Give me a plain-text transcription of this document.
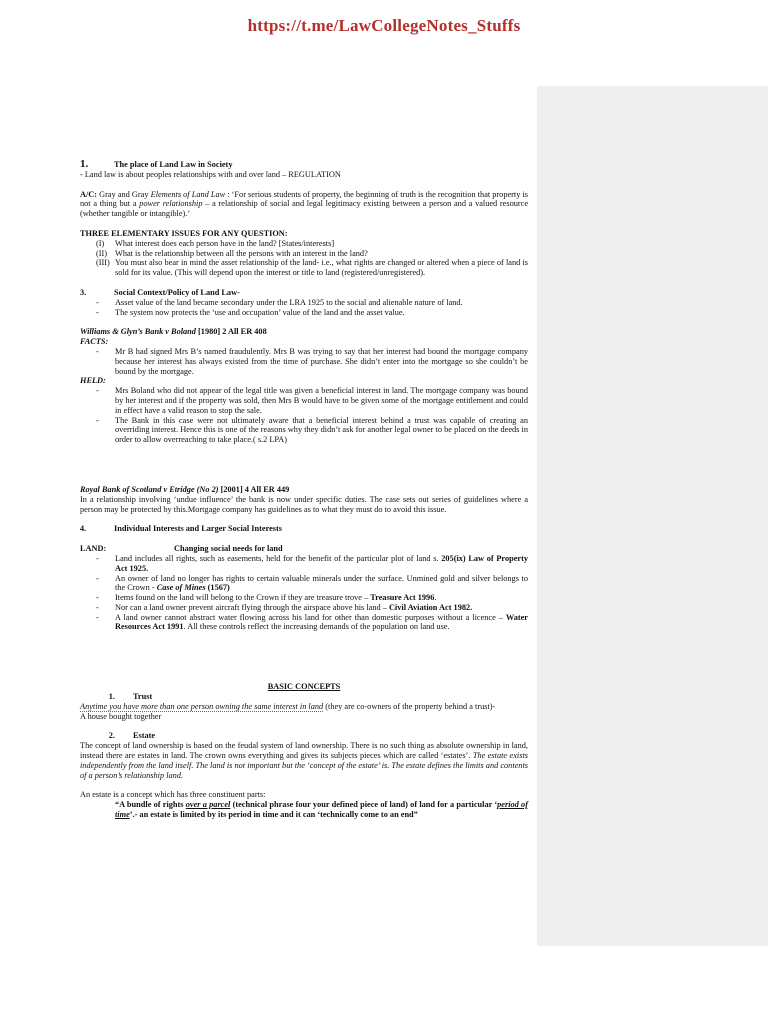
https://t.me/LawCollegeNotes_Stuffs

1.	The place of Land Law in Society

- Land law is about peoples relationships with and over land – REGULATION

A/C: Gray and Gray Elements of Land Law : ‘For serious students of property, the beginning of truth is the recognition that property is not a thing but a power relationship – a relationship of social and legal legitimacy existing between a person and a valued resource (whether tangible or intangible).’

THREE ELEMENTARY ISSUES FOR ANY QUESTION:

(I)	What interest does each person have in the land? [States/interests]
(II) What is the relationship between all the persons with an interest in the land?
(III) You must also bear in mind the asset relationship of the land- i.e., what rights are changed or altered when a piece of land is sold for its value. (This will depend upon the interest or title to land (registered/unregistered).

3.	Social Context/Policy of Land Law-

-	Asset value of the land became secondary under the LRA 1925 to the social and alienable nature of land.
-	The system now protects the ‘use and occupation’ value of the land and the asset value.

Williams & Glyn’s Bank v Boland [1980] 2 All ER 408

FACTS:

-	Mr B had signed Mrs B’s named fraudulently. Mrs B was trying to say that her interest had bound the mortgage company because her interest has always existed from the time of purchase. She didn’t enter into the mortgage so she couldn’t be bound by the mortgage.

HELD:

-	Mrs Boland who did not appear of the legal title was given a beneficial interest in land. The mortgage company was bound by her interest and if the property was sold, then Mrs B would have to be given some of the mortgage entitlement and could in effect have a valid reason to stop the sale.
-	The Bank in this case were not ultimately aware that a beneficial interest behind a trust was capable of creating an overriding interest. Hence this is one of the reasons why they didn’t ask for another legal owner to be placed on the deeds in order to allow overreaching to take place.( s.2 LPA)

Royal Bank of Scotland v Etridge (No 2) [2001] 4 All ER 449

In a relationship involving ‘undue influence’ the bank is now under specific duties. The case sets out series of guidelines where a person may be protected by this.Mortgage company has guidelines as to what they must do to avoid this issue.

4.	Individual Interests and Larger Social Interests

LAND:	Changing social needs for land

-	Land includes all rights, such as easements, held for the benefit of the particular plot of land s. 205(ix) Law of Property Act 1925.
-	An owner of land no longer has rights to certain valuable minerals under the surface. Unmined gold and silver belongs to the Crown - Case of Mines (1567)
-	Items found on the land will belong to the Crown if they are treasure trove – Treasure Act 1996.
-	Nor can a land owner prevent aircraft flying through the airspace above his land – Civil Aviation Act 1982.
-	A land owner cannot abstract water flowing across his land for other than domestic purposes without a licence – Water Resources Act 1991. All these controls reflect the increasing demands of the population on land use.

BASIC CONCEPTS

1.	Trust

Anytime you have more than one person owning the same interest in land (they are co-owners of the property behind a trust)-

A house bought together

2.	Estate

The concept of land ownership is based on the feudal system of land ownership. There is no such thing as absolute ownership in land, instead there are estates in land. The crown owns everything and gives its subjects pieces which are called ‘estates’. The estate exists independently from the land itself. The land is not important but the ‘concept of the estate’ is. The estate defines the limits and contents of a person’s relationship land.

An estate is a concept which has three constituent parts:

“A bundle of rights over a parcel (technical phrase four your defined piece of land) of land for a particular ‘period of time’.- an estate is limited by its period in time and it can ‘technically come to an end”
